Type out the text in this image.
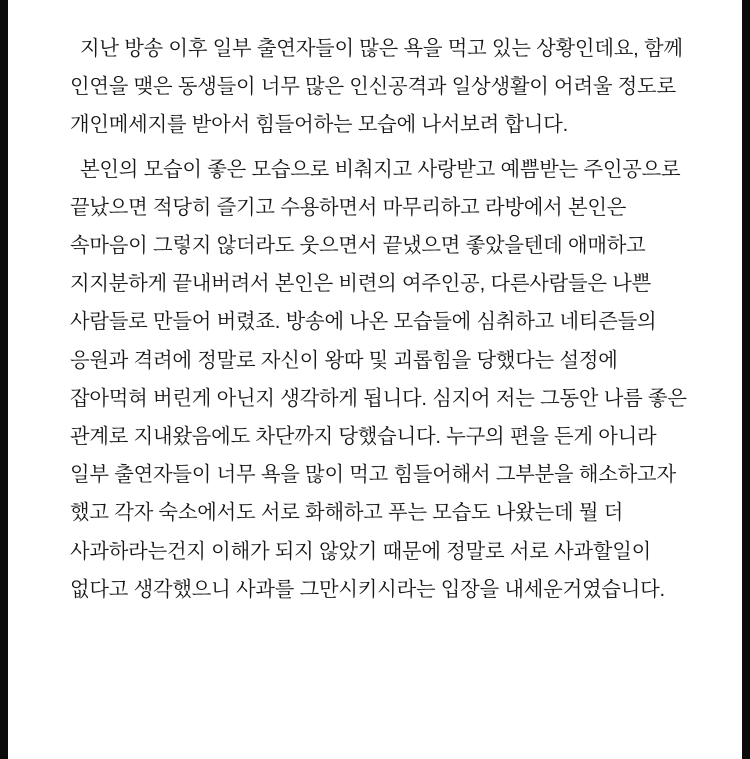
지난 방송 이후 일부 출연자들이 많은 욕을 먹고 있는 상황인데요, 함께 인연을 맺은 동생들이 너무 많은 인신공격과 일상생활이 어려울 정도로 개인메세지를 받아서 힘들어하는 모습에 나서보려 합니다.

본인의 모습이 좋은 모습으로 비춰지고 사랑받고 예쁨받는 주인공으로 끝났으면 적당히 즐기고 수용하면서 마무리하고 라방에서 본인은 속마음이 그렇지 않더라도 웃으면서 끝냈으면 좋았을텐데 애매하고 지지분하게 끝내버려서 본인은 비련의 여주인공, 다른사람들은 나쁜 사람들로 만들어 버렸죠. 방송에 나온 모습들에 심취하고 네티즌들의 응원과 격려에 정말로 자신이 왕따 및 괴롭힘을 당했다는 설정에 잡아먹혀 버린게 아닌지 생각하게 됩니다. 심지어 저는 그동안 나름 좋은 관계로 지내왔음에도 차단까지 당했습니다. 누구의 편을 든게 아니라 일부 출연자들이 너무 욕을 많이 먹고 힘들어해서 그부분을 해소하고자 했고 각자 숙소에서도 서로 화해하고 푸는 모습도 나왔는데 뭘 더 사과하라는건지 이해가 되지 않았기 때문에 정말로 서로 사과할일이 없다고 생각했으니 사과를 그만시키시라는 입장을 내세운거였습니다.
